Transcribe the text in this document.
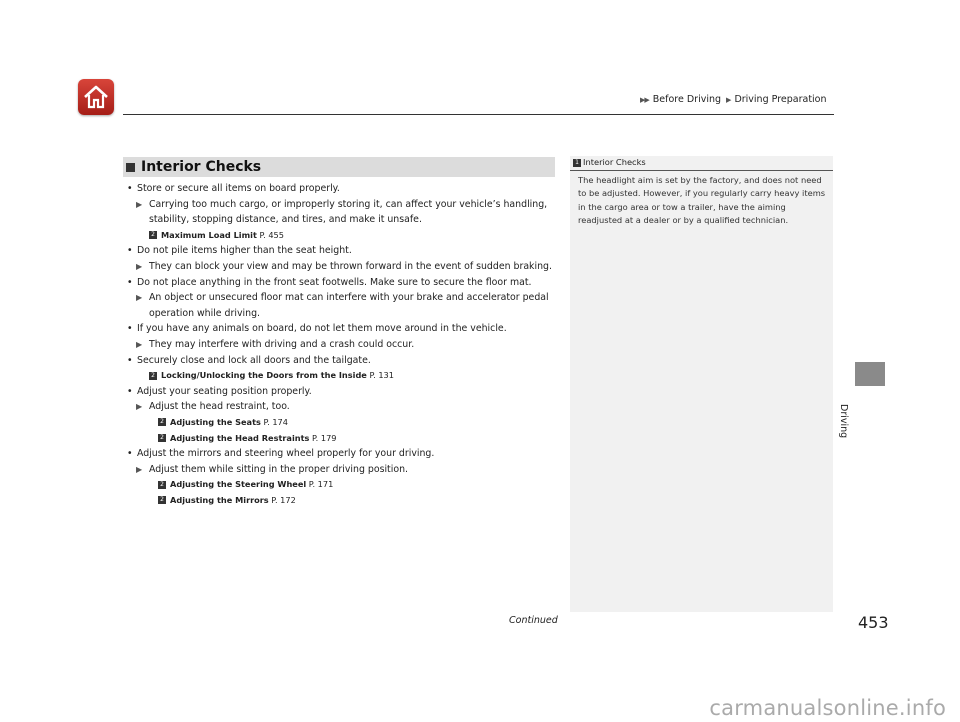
▶▶ Before Driving ▶ Driving Preparation
Interior Checks
• Store or secure all items on board properly.
▶ Carrying too much cargo, or improperly storing it, can affect your vehicle’s handling, stability, stopping distance, and tires, and make it unsafe.
2 Maximum Load Limit P. 455
• Do not pile items higher than the seat height.
▶ They can block your view and may be thrown forward in the event of sudden braking.
• Do not place anything in the front seat footwells. Make sure to secure the floor mat.
▶ An object or unsecured floor mat can interfere with your brake and accelerator pedal operation while driving.
• If you have any animals on board, do not let them move around in the vehicle.
▶ They may interfere with driving and a crash could occur.
• Securely close and lock all doors and the tailgate.
2 Locking/Unlocking the Doors from the Inside P. 131
• Adjust your seating position properly.
▶ Adjust the head restraint, too.
2 Adjusting the Seats P. 174
2 Adjusting the Head Restraints P. 179
• Adjust the mirrors and steering wheel properly for your driving.
▶ Adjust them while sitting in the proper driving position.
2 Adjusting the Steering Wheel P. 171
2 Adjusting the Mirrors P. 172
1 Interior Checks
The headlight aim is set by the factory, and does not need to be adjusted. However, if you regularly carry heavy items in the cargo area or tow a trailer, have the aiming readjusted at a dealer or by a qualified technician.
Driving
Continued	453
carmanualsonline.info
